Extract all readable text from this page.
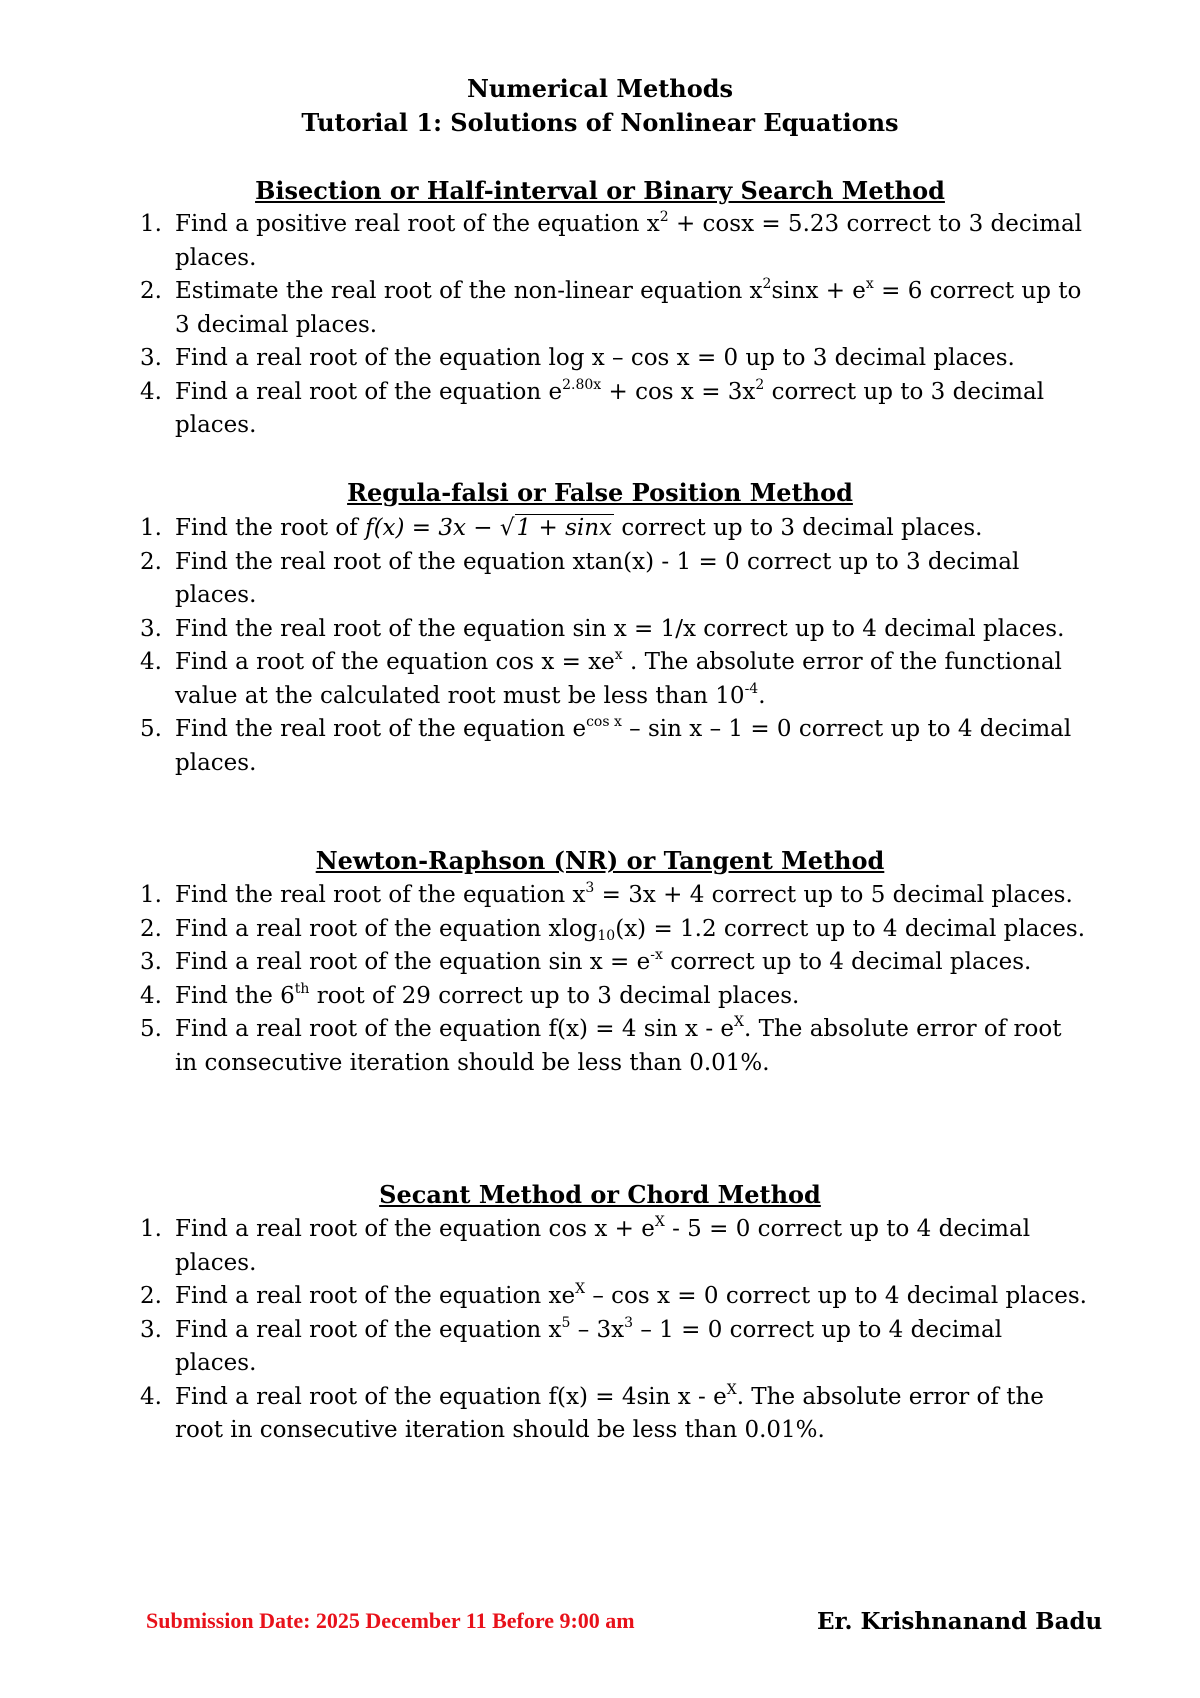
Numerical Methods
Tutorial 1: Solutions of Nonlinear Equations
Bisection or Half-interval or Binary Search Method
1. Find a positive real root of the equation $x^2 + \cos x = 5.23$ correct to 3 decimal places.
2. Estimate the real root of the non-linear equation $x^2\sin x + e^x = 6$ correct up to 3 decimal places.
3. Find a real root of the equation log x – cos x = 0 up to 3 decimal places.
4. Find a real root of the equation $e^{2.80x} + \cos x = 3x^2$ correct up to 3 decimal places.
Regula-falsi or False Position Method
1. Find the root of f(x) = 3x − √1 + sinx correct up to 3 decimal places.
2. Find the real root of the equation xtan(x) - 1 = 0 correct up to 3 decimal places.
3. Find the real root of the equation sin x = 1/x correct up to 4 decimal places.
4. Find a root of the equation $\cos x = xe^x$ . The absolute error of the functional value at the calculated root must be less than $10^{-4}$.
5. Find the real root of the equation $e^{cos x} - \sin x - 1 = 0$ correct up to 4 decimal places.
Newton-Raphson (NR) or Tangent Method
1. Find the real root of the equation $x^3 = 3x + 4$ correct up to 5 decimal places.
2. Find a real root of the equation xlog$_{10}$(x) = 1.2 correct up to 4 decimal places.
3. Find a real root of the equation $\sin x = e^{-x}$ correct up to 4 decimal places.
4. Find the 6th root of 29 correct up to 3 decimal places.
5. Find a real root of the equation f(x) = 4 sin x - $e^X$. The absolute error of root in consecutive iteration should be less than 0.01%.
Secant Method or Chord Method
1. Find a real root of the equation $\cos x + e^X - 5 = 0$ correct up to 4 decimal places.
2. Find a real root of the equation $xe^X - \cos x = 0$ correct up to 4 decimal places.
3. Find a real root of the equation $x^5 - 3x^3 - 1 = 0$ correct up to 4 decimal places.
4. Find a real root of the equation f(x) = 4sin x - $e^X$. The absolute error of the root in consecutive iteration should be less than 0.01%.
Submission Date: 2025 December 11 Before 9:00 am	Er. Krishnanand Badu
